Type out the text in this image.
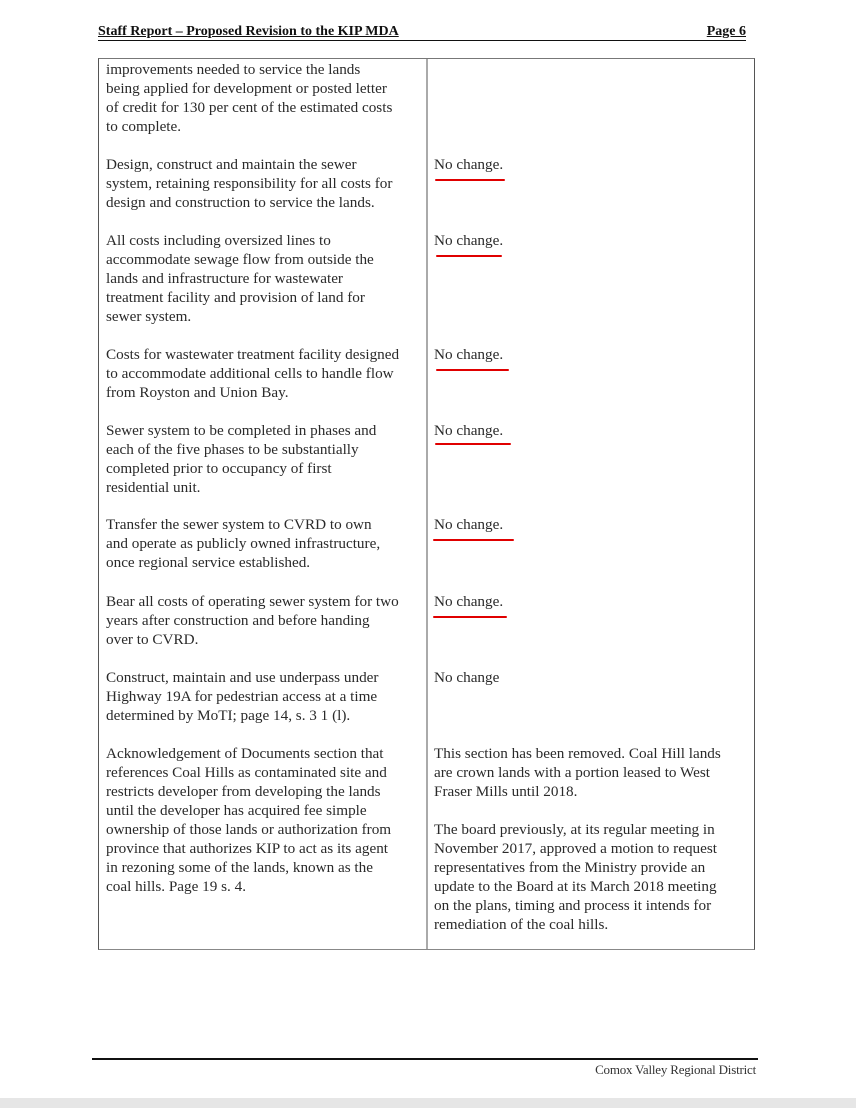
Staff Report – Proposed Revision to the KIP MDA	Page 6
improvements needed to service the lands
being applied for development or posted letter
of credit for 130 per cent of the estimated costs
to complete.
Design, construct and maintain the sewer
system, retaining responsibility for all costs for
design and construction to service the lands.
No change.
All costs including oversized lines to
accommodate sewage flow from outside the
lands and infrastructure for wastewater
treatment facility and provision of land for
sewer system.
No change.
Costs for wastewater treatment facility designed
to accommodate additional cells to handle flow
from Royston and Union Bay.
No change.
Sewer system to be completed in phases and
each of the five phases to be substantially
completed prior to occupancy of first
residential unit.
No change.
Transfer the sewer system to CVRD to own
and operate as publicly owned infrastructure,
once regional service established.
No change.
Bear all costs of operating sewer system for two
years after construction and before handing
over to CVRD.
No change.
Construct, maintain and use underpass under
Highway 19A for pedestrian access at a time
determined by MoTI; page 14, s. 3 1 (l).
No change
Acknowledgement of Documents section that
references Coal Hills as contaminated site and
restricts developer from developing the lands
until the developer has acquired fee simple
ownership of those lands or authorization from
province that authorizes KIP to act as its agent
in rezoning some of the lands, known as the
coal hills. Page 19 s. 4.
This section has been removed. Coal Hill lands
are crown lands with a portion leased to West
Fraser Mills until 2018.
The board previously, at its regular meeting in
November 2017, approved a motion to request
representatives from the Ministry provide an
update to the Board at its March 2018 meeting
on the plans, timing and process it intends for
remediation of the coal hills.
Comox Valley Regional District
